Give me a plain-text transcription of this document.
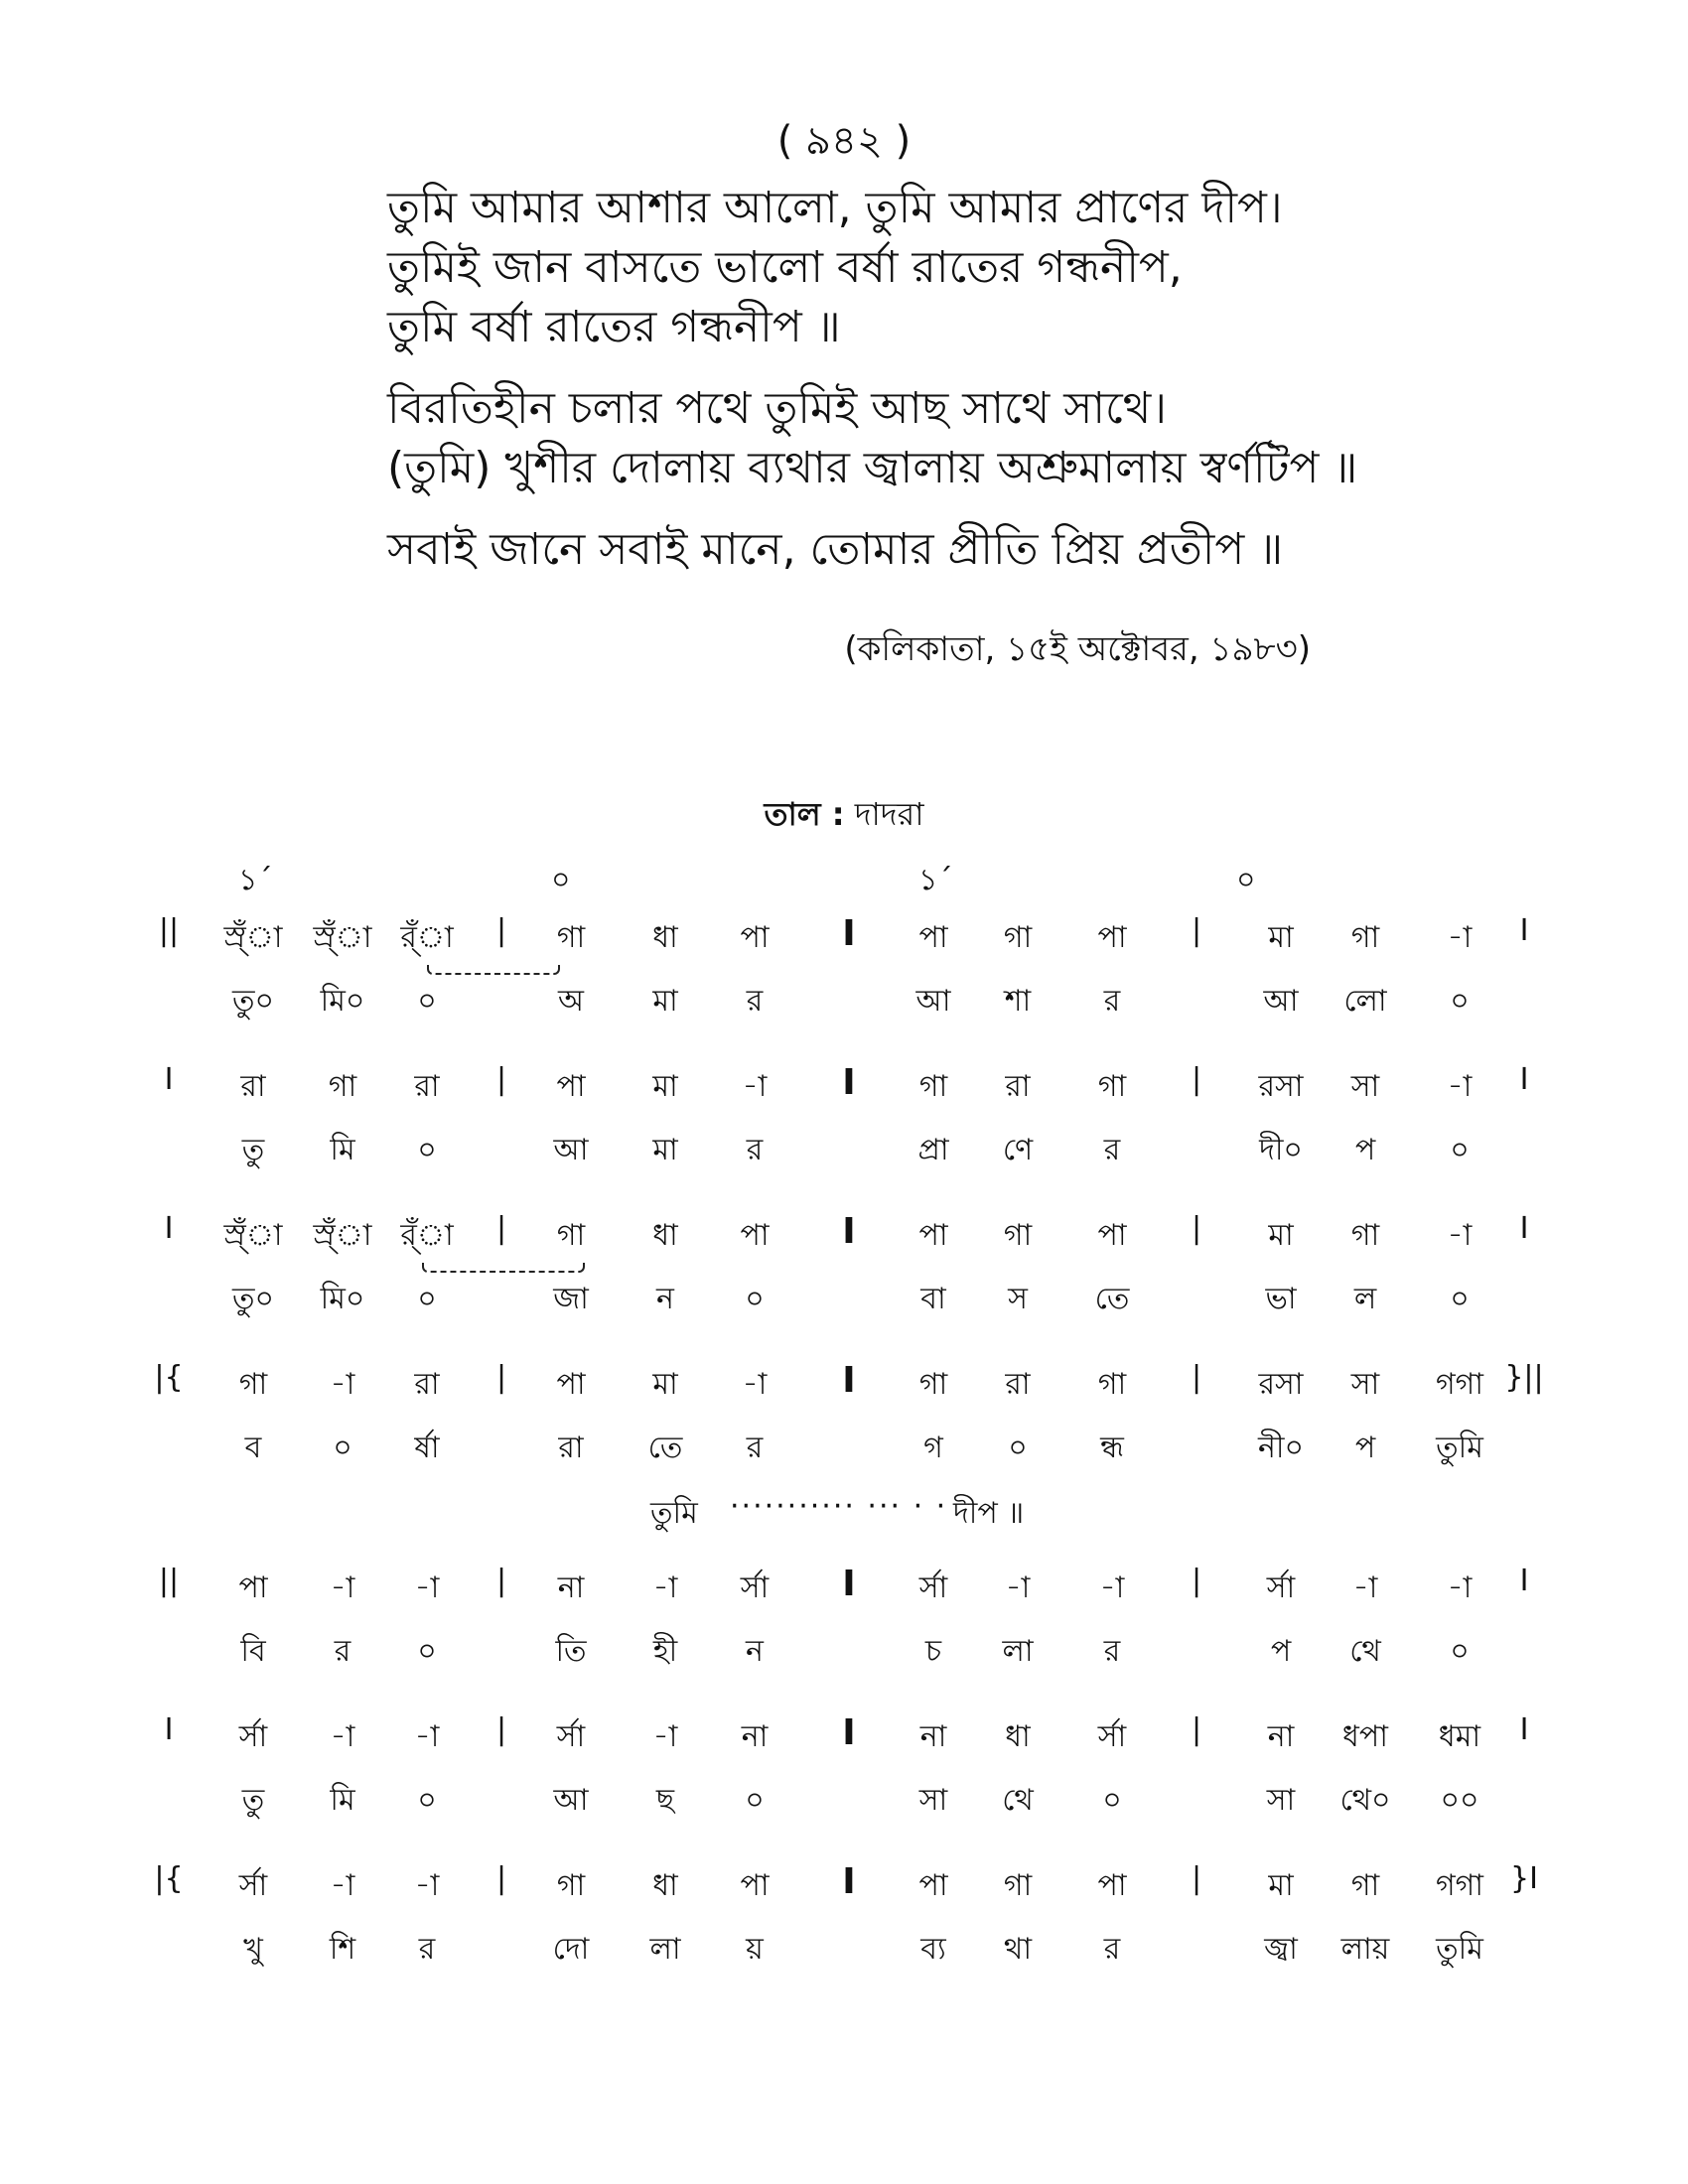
( ৯৪২ )
তুমি আমার আশার আলো, তুমি আমার প্রাণের দীপ।
তুমিই জান বাসতে ভালো বর্ষা রাতের গন্ধনীপ,
তুমি বর্ষা রাতের গন্ধনীপ ॥
বিরতিহীন চলার পথে তুমিই আছ সাথে সাথে।
(তুমি) খুশীর দোলায় ব্যথার জ্বালায় অশ্রুমালায় স্বর্ণটিপ ॥
সবাই জানে সবাই মানে, তোমার প্রীতি প্রিয় প্রতীপ ॥
(কলিকাতা, ১৫ই অক্টোবর, ১৯৮৩)
তাল : দাদরা
১´	০	১´	০
|| স্র্ঁা স্র্ঁা র্ঁা	গা ধা পা	পা গা পা	মা গা -া
|	I	|	I
তু০ মি০ ০	অ মা র	আ শা র	আ লো ০
I রা গা রা	পা মা -া	গা রা গা	রসা সা -া
|	I	|	I
তু মি ০	আ মা র	প্রা ণে র	দী০ প	০
I স্র্ঁা স্র্ঁা র্ঁা	গা ধা পা	পা গা পা	মা গা -া
|	I	|	I
তু০ মি০ ০	জা ন ০	বা স তে	ভা ল ০
|{ গা -া রা	পা মা -া	গা রা গা	রসা সা গগা
|	I	|	}||
ব ০ র্ষা	রা তে র	গ ০ ন্ধ	নী০ প তুমি
|| পা -া -া	না -া র্সা	র্সা -া -া	র্সা -া -া
|	I	|	I
বি র ০	তি হী ন	চ লা র	প থে ০
I র্সা -া -া	র্সা -া না	না ধা র্সা	না ধপা ধমা
|	I	|	I
তু মি ০	আ ছ ০	সা থে ০	সা থে০ ০০
|{ র্সা -া -া	গা ধা পা	পা গা পা	মা গা গগা
|	I	|	}I
খু শি র	দো লা য়	ব্য থা র	জ্বা লায় তুমি
তুমি ··········· ··· · · দীপ ॥
